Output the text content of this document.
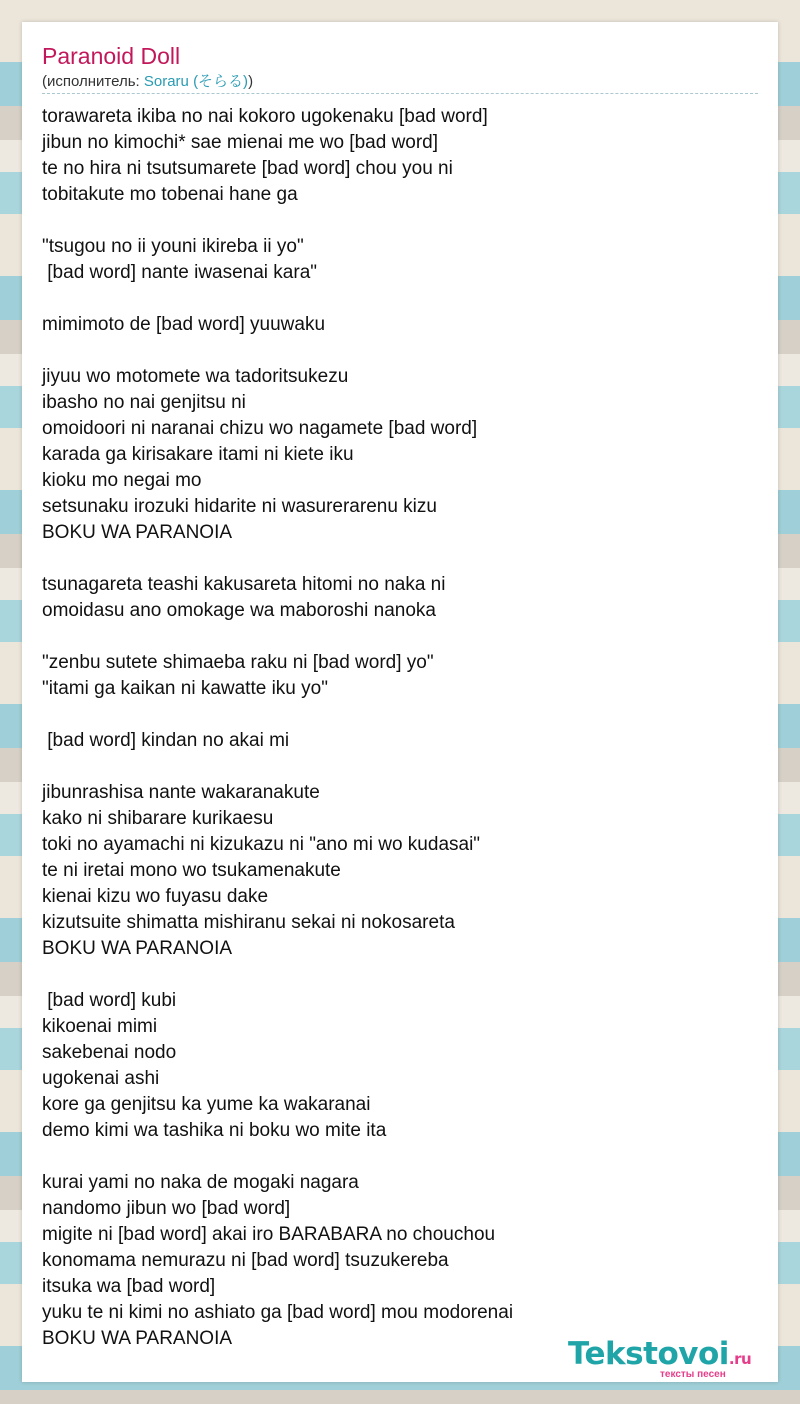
Paranoid Doll
(исполнитель: Soraru (そらる))
torawareta ikiba no nai kokoro ugokenaku [bad word]
jibun no kimochi* sae mienai me wo [bad word]
te no hira ni tsutsumarete [bad word] chou you ni
tobitakute mo tobenai hane ga
"tsugou no ii youni ikireba ii yo"
[bad word] nante iwasenai kara"
mimimoto de [bad word] yuuwaku
jiyuu wo motomete wa tadoritsukezu
ibasho no nai genjitsu ni
omoidoori ni naranai chizu wo nagamete [bad word]
karada ga kirisakare itami ni kiete iku
kioku mo negai mo
setsunaku irozuki hidarite ni wasurerarenu kizu
BOKU WA PARANOIA
tsunagareta teashi kakusareta hitomi no naka ni
omoidasu ano omokage wa maboroshi nanoka
"zenbu sutete shimaeba raku ni [bad word] yo"
"itami ga kaikan ni kawatte iku yo"
[bad word] kindan no akai mi
jibunrashisa nante wakaranakute
kako ni shibarare kurikaesu
toki no ayamachi ni kizukazu ni "ano mi wo kudasai"
te ni iretai mono wo tsukamenakute
kienai kizu wo fuyasu dake
kizutsuite shimatta mishiranu sekai ni nokosareta
BOKU WA PARANOIA
[bad word] kubi
kikoenai mimi
sakebenai nodo
ugokenai ashi
kore ga genjitsu ka yume ka wakaranai
demo kimi wa tashika ni boku wo mite ita
kurai yami no naka de mogaki nagara
nandomo jibun wo [bad word]
migite ni [bad word] akai iro BARABARA no chouchou
konomama nemurazu ni [bad word] tsuzukereba
itsuka wa [bad word]
yuku te ni kimi no ashiato ga [bad word] mou modorenai
BOKU WA PARANOIA	Tekstovoi.ru
тексты песен
